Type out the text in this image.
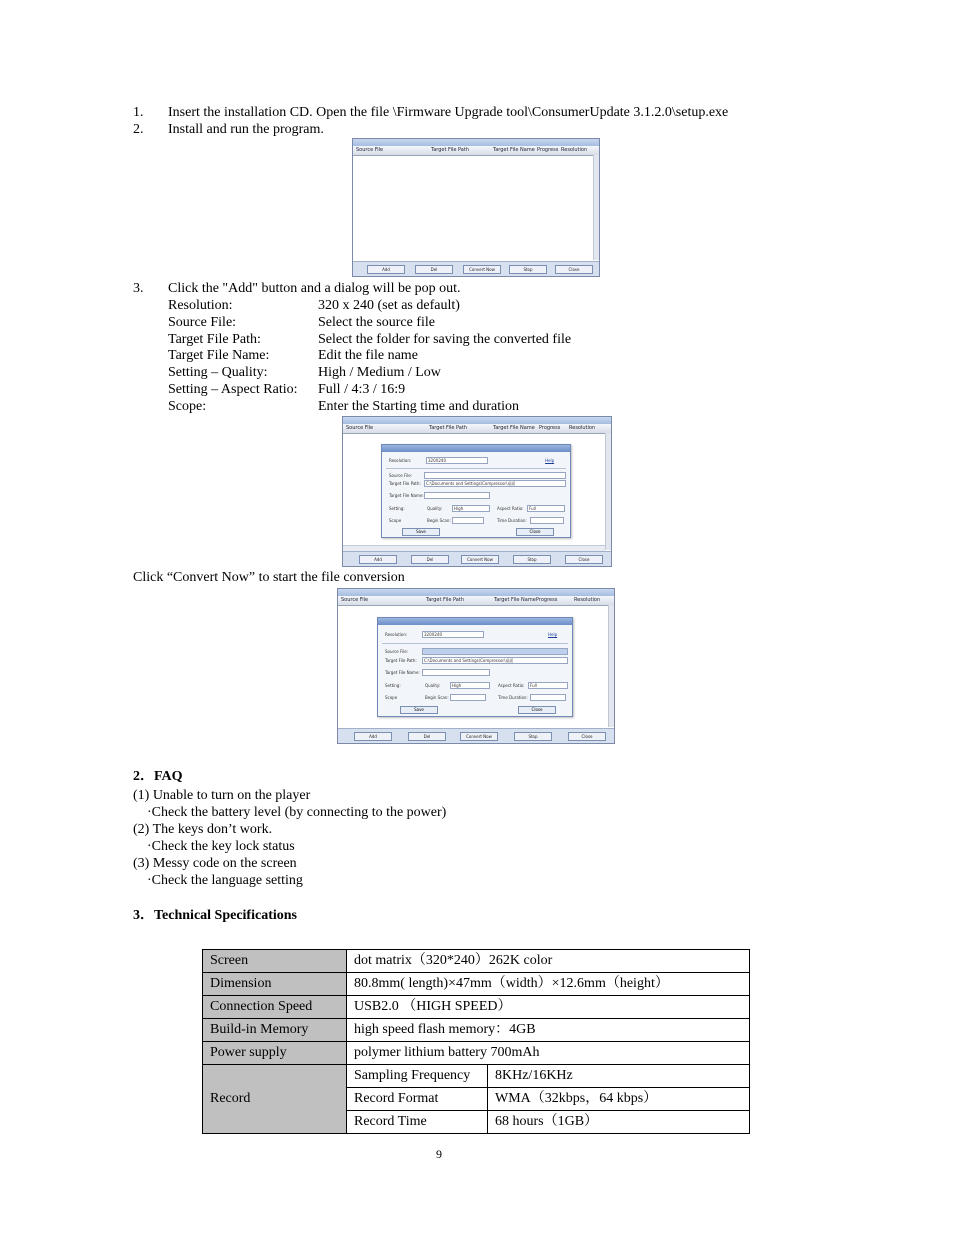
1. Insert the installation CD. Open the file \Firmware Upgrade tool\ConsumerUpdate 3.1.2.0\setup.exe
2. Install and run the program.
Source File	Target File Path	Target File Name Progress Resolution
Add	Del	Convert Now	Stop	Close
3. Click the "Add" button and a dialog will be pop out.
Resolution:	320 x 240 (set as default)
Source File:	Select the source file
Target File Path:	Select the folder for saving the converted file
Target File Name:	Edit the file name
Setting – Quality:	High / Medium / Low
Setting – Aspect Ratio: Full / 4:3 / 16:9
Scope:	Enter the Starting time and duration
Source File	Target File Path	Target File Name Progress Resolution
Resolution:	320X240	Help
Source File:
Target File Path: C:\Documents and Settings\Compressor\桌面
Target File Name:
Setting:	Quality:	High	Aspect Ratio: Full
Scope	Begin Scan:	Time Duration:
Save	Close
Add	Del	Convert Now	Stop	Close
Click “Convert Now” to start the file conversion
Source File	Target File Path	Target File Name Progress	Resolution
Resolution:	320X240	Help
Source File:
Target File Path: C:\Documents and Settings\Compressor\桌面
Target File Name:
Setting:	Quality:	High	Aspect Ratio: Full
Scope	Begin Scan:	Time Duration:
Save	Close
Add	Del	Convert Now	Stop	Close
2．FAQ
(1) Unable to turn on the player
·Check the battery level (by connecting to the power)
(2) The keys don’t work.
·Check the key lock status
(3) Messy code on the screen
·Check the language setting
3．Technical Specifications
Screen	dot matrix（320*240）262K color	
Dimension	80.8mm( length)×47mm（width）×12.6mm（height）	
Connection Speed	USB2.0 （HIGH SPEED）	
Build-in Memory	high speed flash memory：4GB	
Power supply	polymer lithium battery 700mAh	
Record	Sampling Frequency	8KHz/16KHz
	Record Format	WMA（32kbps，64 kbps）
	Record Time	68 hours（1GB）
9
